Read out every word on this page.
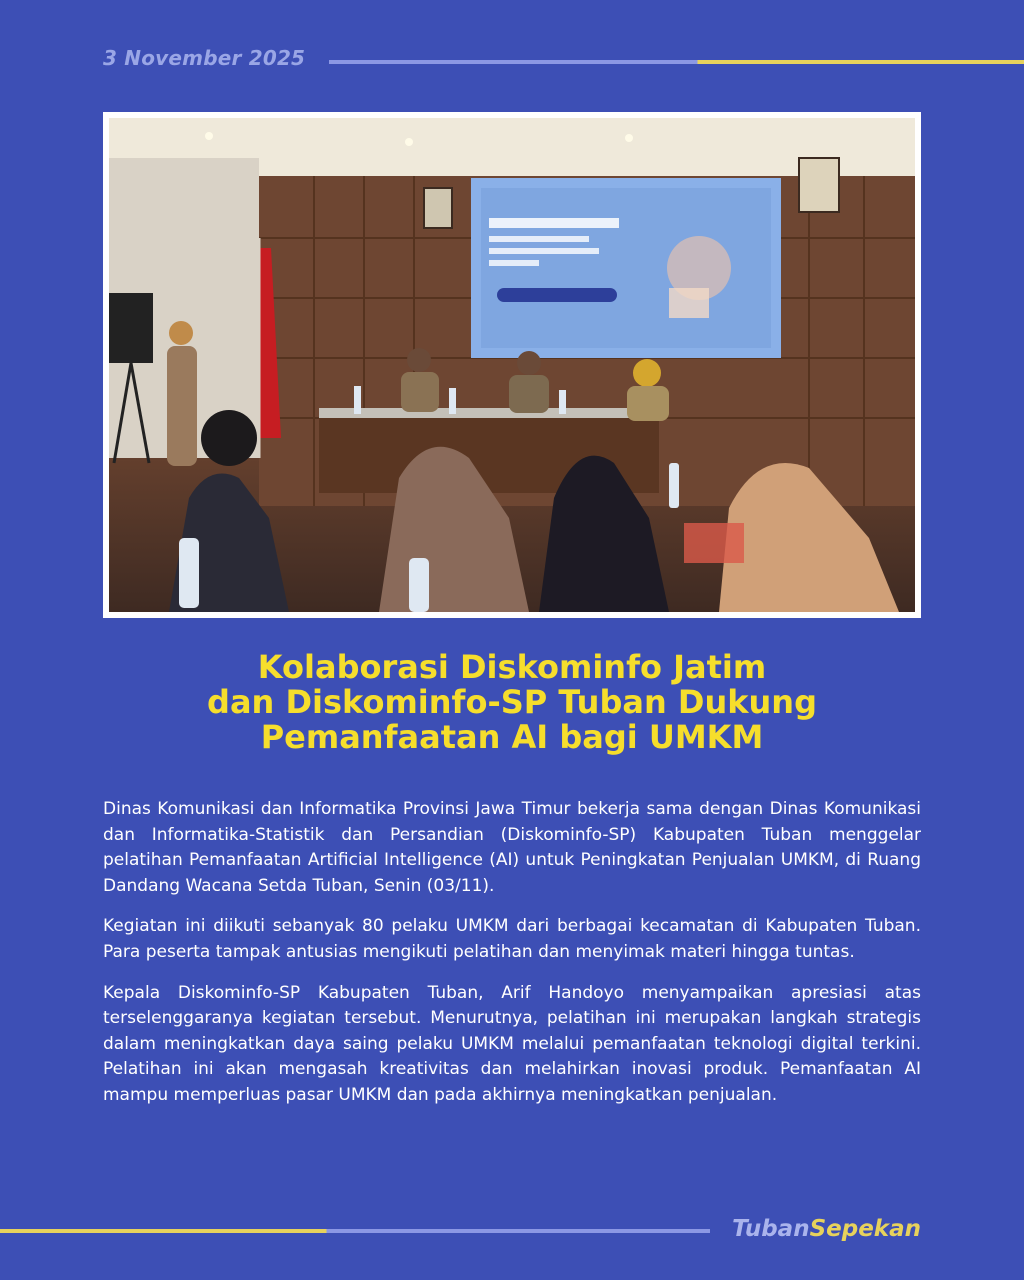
3 November 2025
Kolaborasi Diskominfo Jatim
dan Diskominfo-SP Tuban Dukung
Pemanfaatan AI bagi UMKM

Dinas Komunikasi dan Informatika Provinsi Jawa Timur bekerja sama dengan Dinas Komunikasi dan Informatika-Statistik dan Persandian (Diskominfo-SP) Kabupaten Tuban menggelar pelatihan Pemanfaatan Artificial Intelligence (AI) untuk Peningkatan Penjualan UMKM, di Ruang Dandang Wacana Setda Tuban, Senin (03/11).

Kegiatan ini diikuti sebanyak 80 pelaku UMKM dari berbagai kecamatan di Kabupaten Tuban. Para peserta tampak antusias mengikuti pelatihan dan menyimak materi hingga tuntas.

Kepala Diskominfo-SP Kabupaten Tuban, Arif Handoyo menyampaikan apresiasi atas terselenggaranya kegiatan tersebut. Menurutnya, pelatihan ini merupakan langkah strategis dalam meningkatkan daya saing pelaku UMKM melalui pemanfaatan teknologi digital terkini. Pelatihan ini akan mengasah kreativitas dan melahirkan inovasi produk. Pemanfaatan AI mampu memperluas pasar UMKM dan pada akhirnya meningkatkan penjualan.

TubanSepekan
